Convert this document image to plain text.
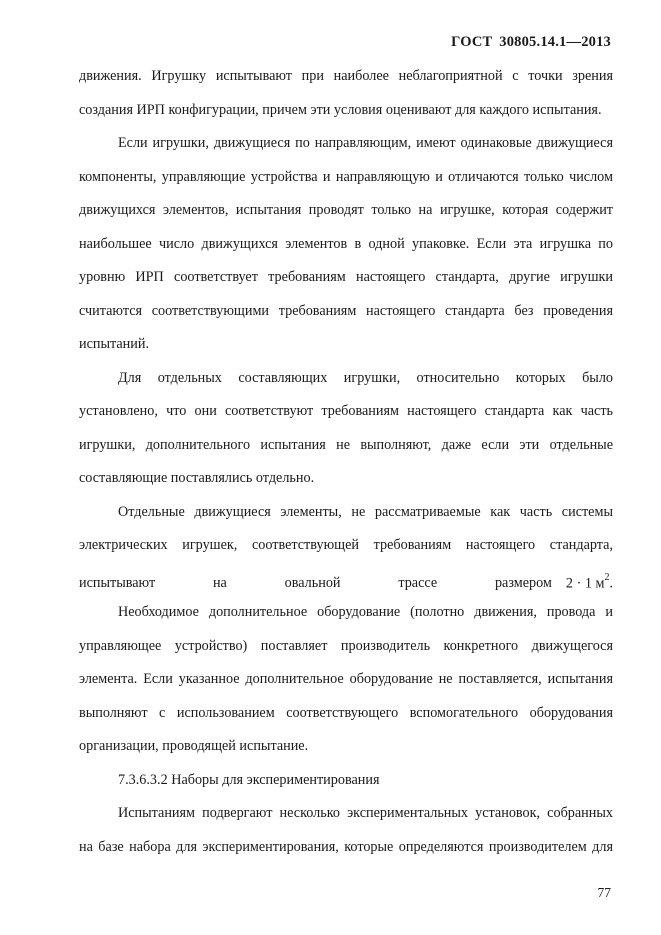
ГОСТ 30805.14.1—2013
движения. Игрушку испытывают при наиболее неблагоприятной с точки зрения
создания ИРП конфигурации, причем эти условия оценивают для каждого испытания.
Если игрушки, движущиеся по направляющим, имеют одинаковые движущиеся
компоненты, управляющие устройства и направляющую и отличаются только числом
движущихся элементов, испытания проводят только на игрушке, которая содержит
наибольшее число движущихся элементов в одной упаковке. Если эта игрушка по
уровню ИРП соответствует требованиям настоящего стандарта, другие игрушки
считаются соответствующими требованиям настоящего стандарта без проведения
испытаний.
Для отдельных составляющих игрушки, относительно которых было
установлено, что они соответствуют требованиям настоящего стандарта как часть
игрушки, дополнительного испытания не выполняют, даже если эти отдельные
составляющие поставлялись отдельно.
Отдельные движущиеся элементы, не рассматриваемые как часть системы
электрических игрушек, соответствующей требованиям настоящего стандарта,
испытывают на овальной трассе размером 2 · 1 $м^2$.
Необходимое дополнительное оборудование (полотно движения, провода и
управляющее устройство) поставляет производитель конкретного движущегося
элемента. Если указанное дополнительное оборудование не поставляется, испытания
выполняют с использованием соответствующего вспомогательного оборудования
организации, проводящей испытание.
7.3.6.3.2 Наборы для экспериментирования
Испытаниям подвергают несколько экспериментальных установок, собранных
на базе набора для экспериментирования, которые определяются производителем для
77
